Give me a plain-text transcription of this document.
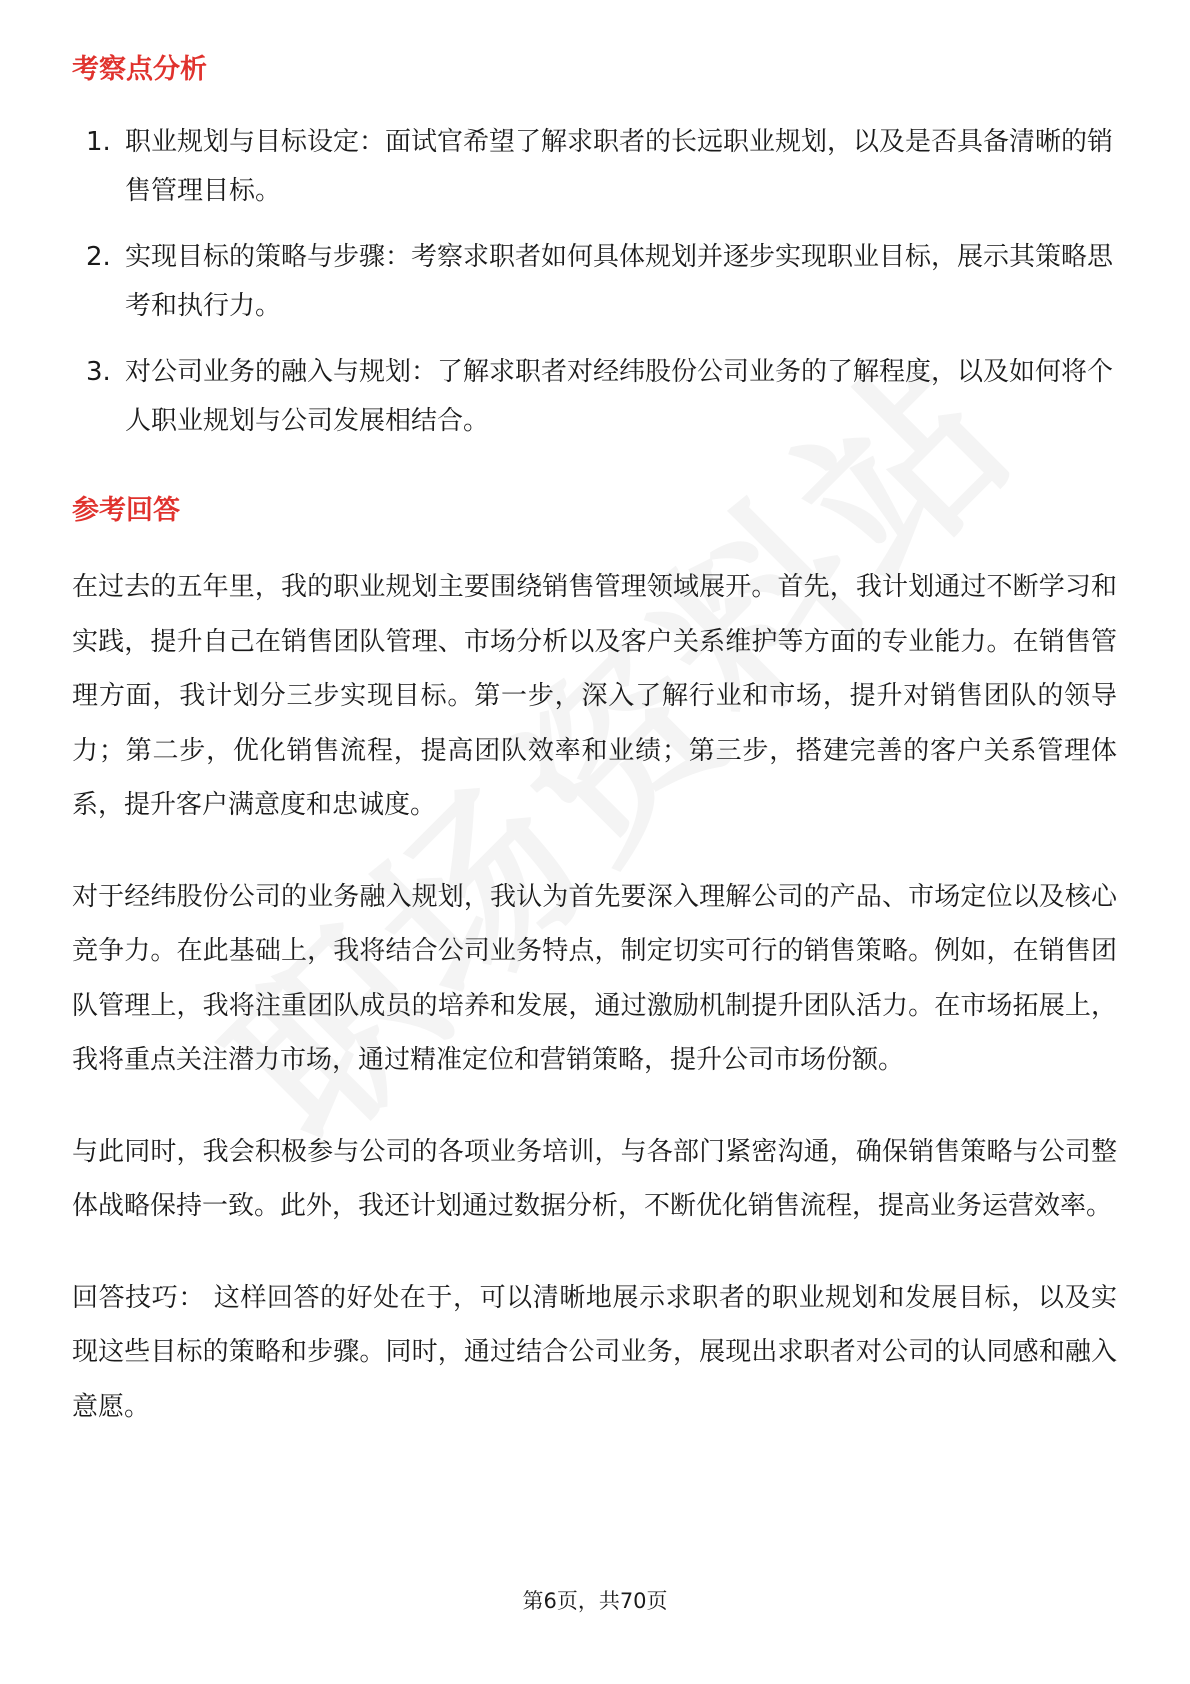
考察点分析
1. 职业规划与目标设定：面试官希望了解求职者的长远职业规划，以及是否具备清晰的销售管理目标。
2. 实现目标的策略与步骤：考察求职者如何具体规划并逐步实现职业目标，展示其策略思考和执行力。
3. 对公司业务的融入与规划：了解求职者对经纬股份公司业务的了解程度，以及如何将个人职业规划与公司发展相结合。
参考回答

在过去的五年里，我的职业规划主要围绕销售管理领域展开。首先，我计划通过不断学习和实践，提升自己在销售团队管理、市场分析以及客户关系维护等方面的专业能力。在销售管理方面，我计划分三步实现目标。第一步，深入了解行业和市场，提升对销售团队的领导力；第二步，优化销售流程，提高团队效率和业绩；第三步，搭建完善的客户关系管理体系，提升客户满意度和忠诚度。

对于经纬股份公司的业务融入规划，我认为首先要深入理解公司的产品、市场定位以及核心竞争力。在此基础上，我将结合公司业务特点，制定切实可行的销售策略。例如，在销售团队管理上，我将注重团队成员的培养和发展，通过激励机制提升团队活力。在市场拓展上，我将重点关注潜力市场，通过精准定位和营销策略，提升公司市场份额。

与此同时，我会积极参与公司的各项业务培训，与各部门紧密沟通，确保销售策略与公司整体战略保持一致。此外，我还计划通过数据分析，不断优化销售流程，提高业务运营效率。

回答技巧： 这样回答的好处在于，可以清晰地展示求职者的职业规划和发展目标，以及实现这些目标的策略和步骤。同时，通过结合公司业务，展现出求职者对公司的认同感和融入意愿。

第6页，共70页
